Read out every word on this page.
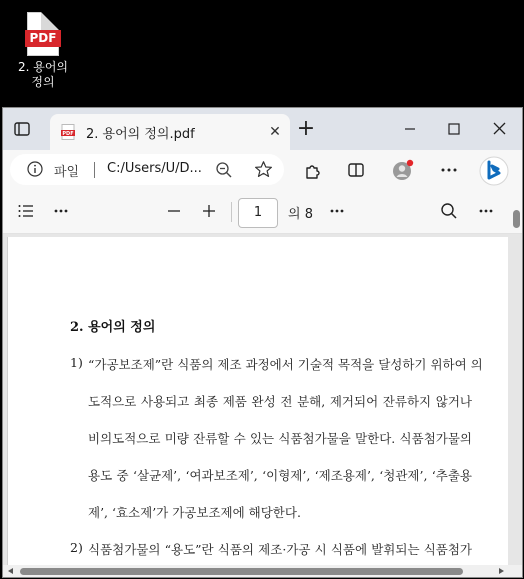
PDF
2. 용어의
정의
PDF 2. 용어의 정의.pdf	✕ +
파일 C:/Users/U/D...
1	의 8
2. 용어의 정의
1) “가공보조제”란 식품의 제조 과정에서 기술적 목적을 달성하기 위하여 의
도적으로 사용되고 최종 제품 완성 전 분해, 제거되어 잔류하지 않거나
비의도적으로 미량 잔류할 수 있는 식품첨가물을 말한다. 식품첨가물의
용도 중 ‘살균제’, ‘여과보조제’, ‘이형제’, ‘제조용제’, ‘청관제’, ‘추출용
제’, ‘효소제’가 가공보조제에 해당한다.
2) 식품첨가물의 “용도”란 식품의 제조·가공 시 식품에 발휘되는 식품첨가
